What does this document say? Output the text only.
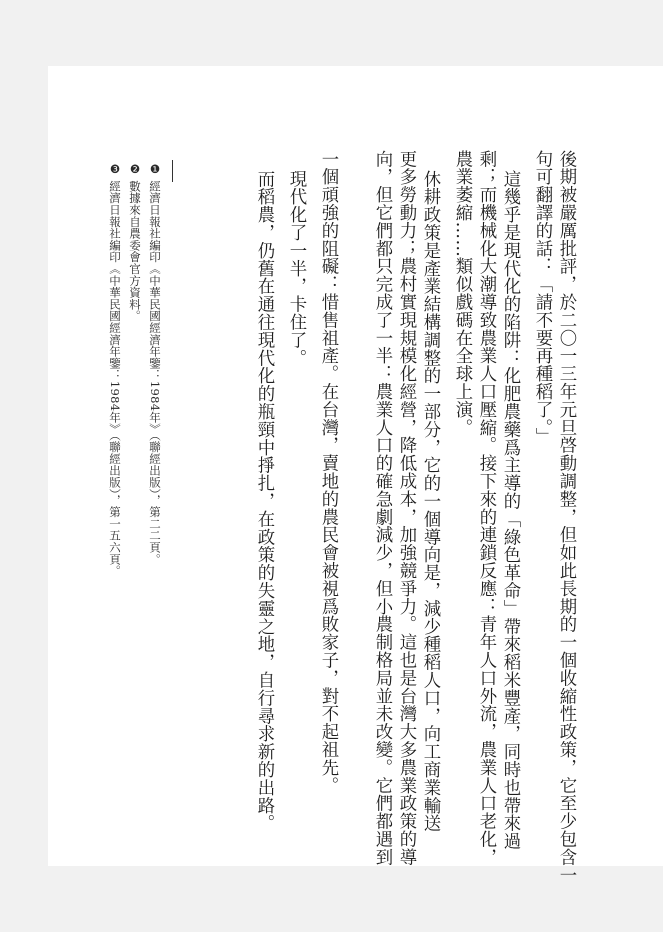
後期被嚴厲批評，於二〇一三年元旦啓動調整，但如此長期的一個收縮性政策，它至少包含一
句可翻譯的話：「請不要再種稻了。」
這幾乎是現代化的陷阱：化肥農藥爲主導的「綠色革命」帶來稻米豐產，同時也帶來過
剩；而機械化大潮導致農業人口壓縮。接下來的連鎖反應：青年人口外流，農業人口老化，
農業萎縮……類似戲碼在全球上演。
休耕政策是產業結構調整的一部分，它的一個導向是，減少種稻人口，向工商業輸送
更多勞動力；農村實現規模化經營，降低成本，加強競爭力。這也是台灣大多農業政策的導
向，但它們都只完成了一半：農業人口的確急劇減少，但小農制格局並未改變。它們都遇到
一個頑強的阻礙：惜售祖產。在台灣，賣地的農民會被視爲敗家子，對不起祖先。
現代化了一半，卡住了。
而稻農，仍舊在通往現代化的瓶頸中掙扎，在政策的失靈之地，自行尋求新的出路。
❶ 經濟日報社編印《中華民國經濟年鑒：1984年》（聯經出版），第二二頁。
❷ 數據來自農委會官方資料。
❸ 經濟日報社編印《中華民國經濟年鑒：1984年》（聯經出版），第一五六頁。
